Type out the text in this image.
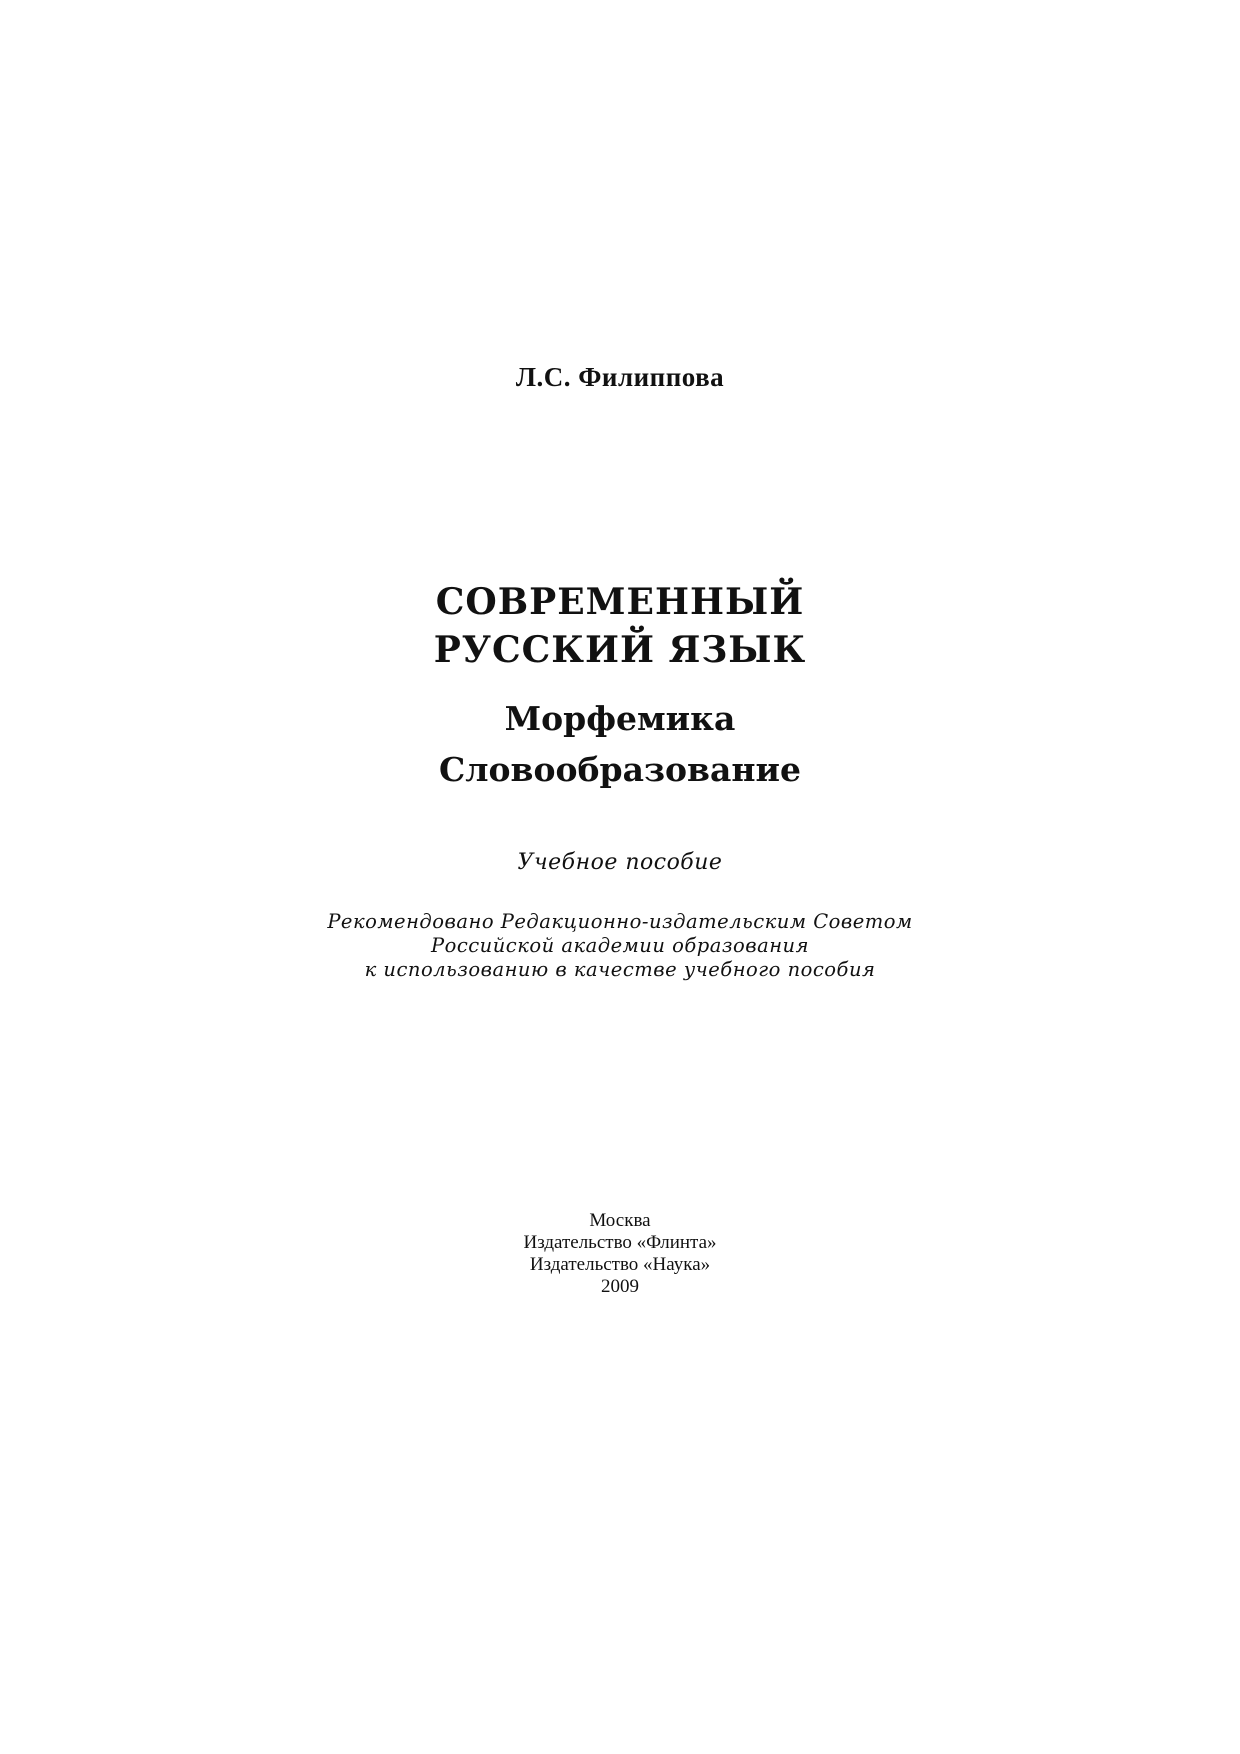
Л.С. Филиппова
СОВРЕМЕННЫЙ
РУССКИЙ ЯЗЫК
Морфемика
Словообразование
Учебное пособие
Рекомендовано Редакционно-издательским Советом
Российской академии образования
к использованию в качестве учебного пособия
Москва
Издательство «Флинта»
Издательство «Наука»
2009
